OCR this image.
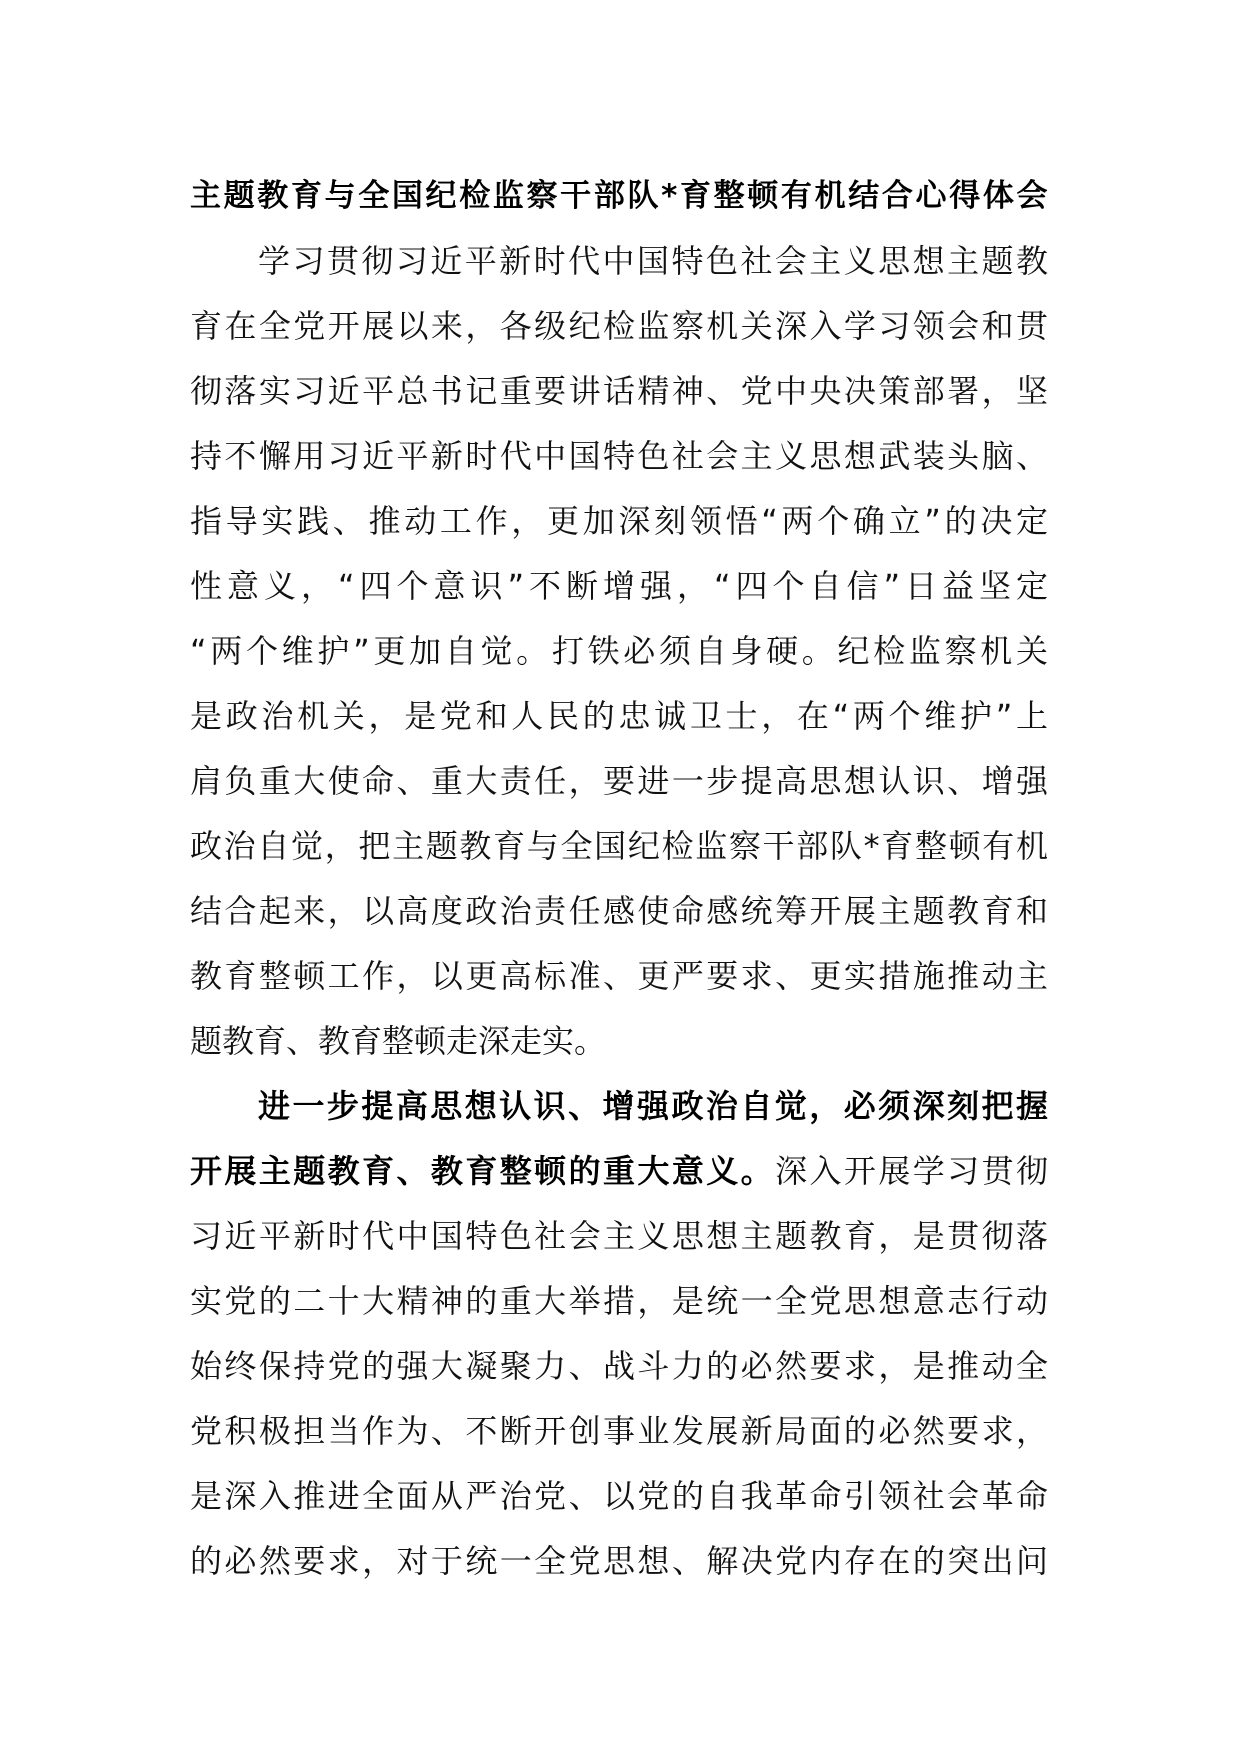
主题教育与全国纪检监察干部队*育整顿有机结合心得体会
学习贯彻习近平新时代中国特色社会主义思想主题教
育在全党开展以来，各级纪检监察机关深入学习领会和贯
彻落实习近平总书记重要讲话精神、党中央决策部署，坚
持不懈用习近平新时代中国特色社会主义思想武装头脑、
指导实践、推动工作，更加深刻领悟“两个确立”的决定
性意义，“四个意识”不断增强，“四个自信”日益坚定
“两个维护”更加自觉。打铁必须自身硬。纪检监察机关
是政治机关，是党和人民的忠诚卫士，在“两个维护”上
肩负重大使命、重大责任，要进一步提高思想认识、增强
政治自觉，把主题教育与全国纪检监察干部队*育整顿有机
结合起来，以高度政治责任感使命感统筹开展主题教育和
教育整顿工作，以更高标准、更严要求、更实措施推动主
题教育、教育整顿走深走实。
进一步提高思想认识、增强政治自觉，必须深刻把握
开展主题教育、教育整顿的重大意义。深入开展学习贯彻
习近平新时代中国特色社会主义思想主题教育，是贯彻落
实党的二十大精神的重大举措，是统一全党思想意志行动
始终保持党的强大凝聚力、战斗力的必然要求，是推动全
党积极担当作为、不断开创事业发展新局面的必然要求，
是深入推进全面从严治党、以党的自我革命引领社会革命
的必然要求，对于统一全党思想、解决党内存在的突出问
